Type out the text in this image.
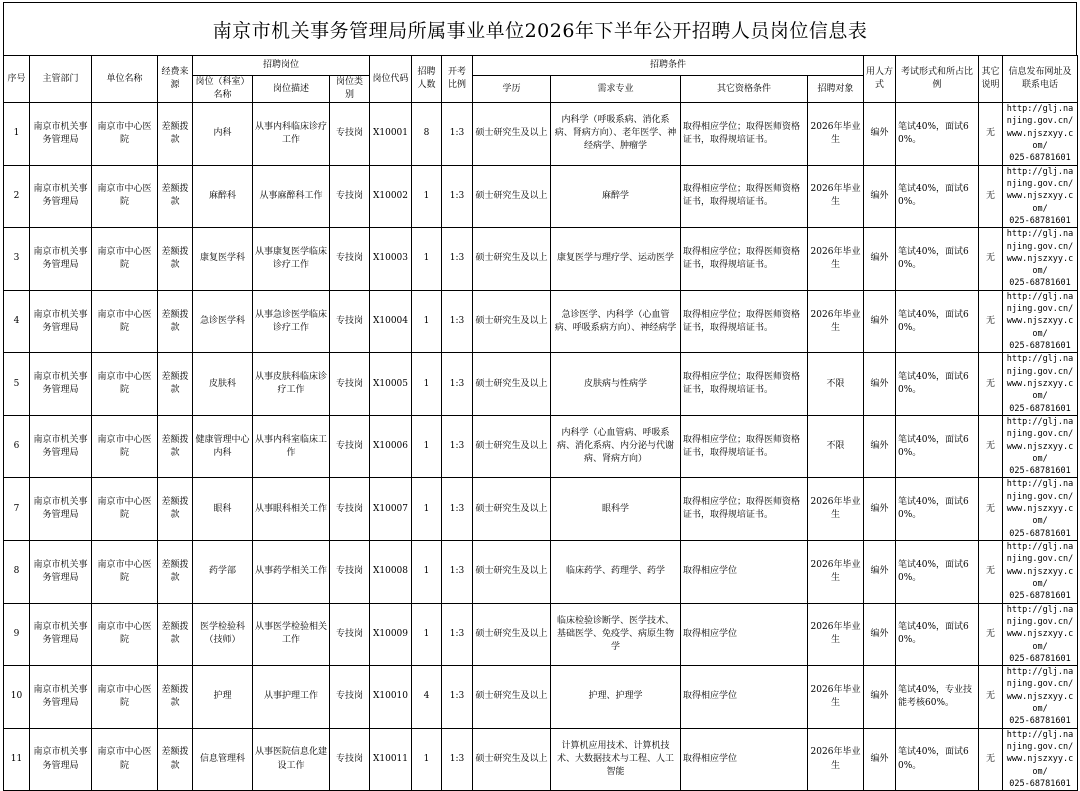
南京市机关事务管理局所属事业单位2026年下半年公开招聘人员岗位信息表
序号	主管部门	单位名称	经费来源	招聘岗位			岗位代码	招聘人数	开考比例	招聘条件				用人方式	考试形式和所占比例	其它说明	信息发布网址及联系电话
				岗位（科室）名称	岗位描述	岗位类别				学历	需求专业	其它资格条件	招聘对象				
1	南京市机关事务管理局	南京市中心医院	差额拨款	内科	从事内科临床诊疗工作	专技岗	X10001	8	1:3	硕士研究生及以上	内科学（呼吸系病、消化系病、肾病方向）、老年医学、神经病学、肿瘤学	取得相应学位；取得医师资格证书，取得规培证书。	2026年毕业生	编外	笔试40%，面试60%。	无	http://glj.nanjing.gov.cn/
www.njszxyy.com/
025-68781601
2	南京市机关事务管理局	南京市中心医院	差额拨款	麻醉科	从事麻醉科工作	专技岗	X10002	1	1:3	硕士研究生及以上	麻醉学	取得相应学位；取得医师资格证书，取得规培证书。	2026年毕业生	编外	笔试40%，面试60%。	无	http://glj.nanjing.gov.cn/
www.njszxyy.com/
025-68781601
3	南京市机关事务管理局	南京市中心医院	差额拨款	康复医学科	从事康复医学临床诊疗工作	专技岗	X10003	1	1:3	硕士研究生及以上	康复医学与理疗学、运动医学	取得相应学位；取得医师资格证书，取得规培证书。	2026年毕业生	编外	笔试40%，面试60%。	无	http://glj.nanjing.gov.cn/
www.njszxyy.com/
025-68781601
4	南京市机关事务管理局	南京市中心医院	差额拨款	急诊医学科	从事急诊医学临床诊疗工作	专技岗	X10004	1	1:3	硕士研究生及以上	急诊医学、内科学（心血管病、呼吸系病方向）、神经病学	取得相应学位；取得医师资格证书，取得规培证书。	2026年毕业生	编外	笔试40%，面试60%。	无	http://glj.nanjing.gov.cn/
www.njszxyy.com/
025-68781601
5	南京市机关事务管理局	南京市中心医院	差额拨款	皮肤科	从事皮肤科临床诊疗工作	专技岗	X10005	1	1:3	硕士研究生及以上	皮肤病与性病学	取得相应学位；取得医师资格证书，取得规培证书。	不限	编外	笔试40%，面试60%。	无	http://glj.nanjing.gov.cn/
www.njszxyy.com/
025-68781601
6	南京市机关事务管理局	南京市中心医院	差额拨款	健康管理中心内科	从事内科室临床工作	专技岗	X10006	1	1:3	硕士研究生及以上	内科学（心血管病、呼吸系病、消化系病、内分泌与代谢病、肾病方向）	取得相应学位；取得医师资格证书，取得规培证书。	不限	编外	笔试40%，面试60%。	无	http://glj.nanjing.gov.cn/
www.njszxyy.com/
025-68781601
7	南京市机关事务管理局	南京市中心医院	差额拨款	眼科	从事眼科相关工作	专技岗	X10007	1	1:3	硕士研究生及以上	眼科学	取得相应学位；取得医师资格证书，取得规培证书。	2026年毕业生	编外	笔试40%，面试60%。	无	http://glj.nanjing.gov.cn/
www.njszxyy.com/
025-68781601
8	南京市机关事务管理局	南京市中心医院	差额拨款	药学部	从事药学相关工作	专技岗	X10008	1	1:3	硕士研究生及以上	临床药学、药理学、药学	取得相应学位	2026年毕业生	编外	笔试40%，面试60%。	无	http://glj.nanjing.gov.cn/
www.njszxyy.com/
025-68781601
9	南京市机关事务管理局	南京市中心医院	差额拨款	医学检验科（技师）	从事医学检验相关工作	专技岗	X10009	1	1:3	硕士研究生及以上	临床检验诊断学、医学技术、基础医学、免疫学、病原生物学	取得相应学位	2026年毕业生	编外	笔试40%，面试60%。	无	http://glj.nanjing.gov.cn/
www.njszxyy.com/
025-68781601
10	南京市机关事务管理局	南京市中心医院	差额拨款	护理	从事护理工作	专技岗	X10010	4	1:3	硕士研究生及以上	护理、护理学	取得相应学位	2026年毕业生	编外	笔试40%，专业技能考核60%。	无	http://glj.nanjing.gov.cn/
www.njszxyy.com/
025-68781601
11	南京市机关事务管理局	南京市中心医院	差额拨款	信息管理科	从事医院信息化建设工作	专技岗	X10011	1	1:3	硕士研究生及以上	计算机应用技术、计算机技术、大数据技术与工程、人工智能	取得相应学位	2026年毕业生	编外	笔试40%，面试60%。	无	http://glj.nanjing.gov.cn/
www.njszxyy.com/
025-68781601
